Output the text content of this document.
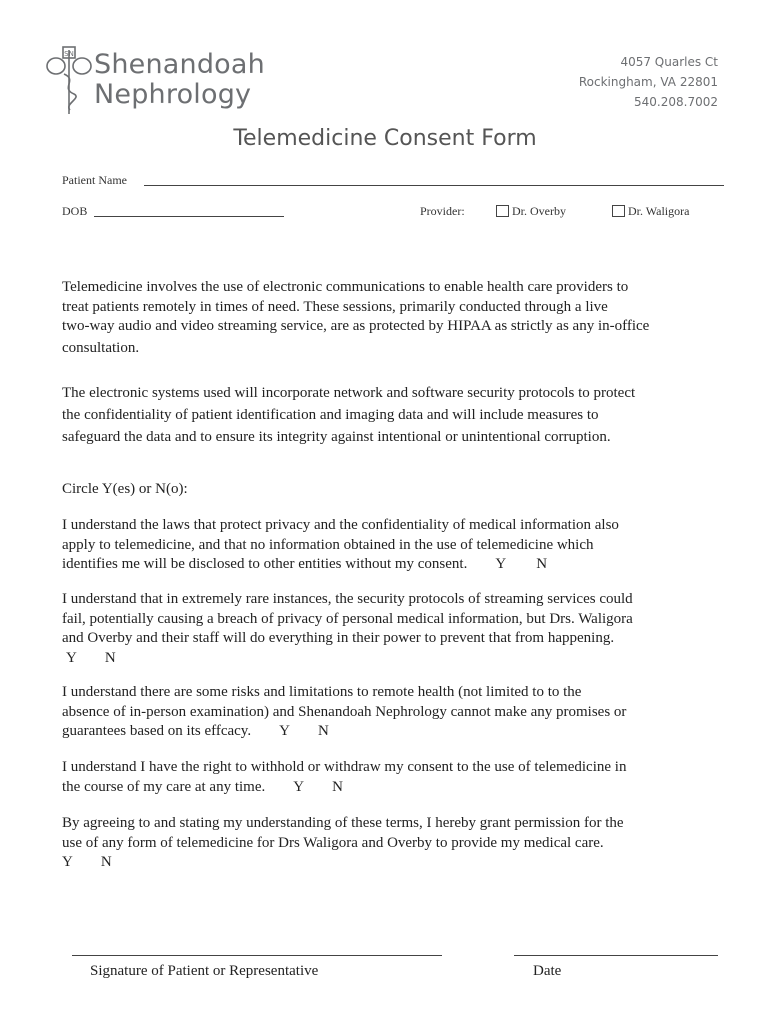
SN Shenandoah
Nephrology
4057 Quarles Ct
Rockingham, VA 22801
540.208.7002
Telemedicine Consent Form
Patient Name
DOB	Provider:	Dr. Overby	Dr. Waligora
Telemedicine involves the use of electronic communications to enable health care providers to
treat patients remotely in times of need. These sessions, primarily conducted through a live
two-way audio and video streaming service, are as protected by HIPAA as strictly as any in-office
consultation.
The electronic systems used will incorporate network and software security protocols to protect
the confidentiality of patient identification and imaging data and will include measures to
safeguard the data and to ensure its integrity against intentional or unintentional corruption.
Circle Y(es) or N(o):
I understand the laws that protect privacy and the confidentiality of medical information also
apply to telemedicine, and that no information obtained in the use of telemedicine which
identifies me will be disclosed to other entities without my consent. Y N
I understand that in extremely rare instances, the security protocols of streaming services could
fail, potentially causing a breach of privacy of personal medical information, but Drs. Waligora
and Overby and their staff will do everything in their power to prevent that from happening.
Y N
I understand there are some risks and limitations to remote health (not limited to to the
absence of in-person examination) and Shenandoah Nephrology cannot make any promises or
guarantees based on its effcacy. Y N
I understand I have the right to withhold or withdraw my consent to the use of telemedicine in
the course of my care at any time. Y N
By agreeing to and stating my understanding of these terms, I hereby grant permission for the
use of any form of telemedicine for Drs Waligora and Overby to provide my medical care.
Y N
Signature of Patient or Representative	Date
